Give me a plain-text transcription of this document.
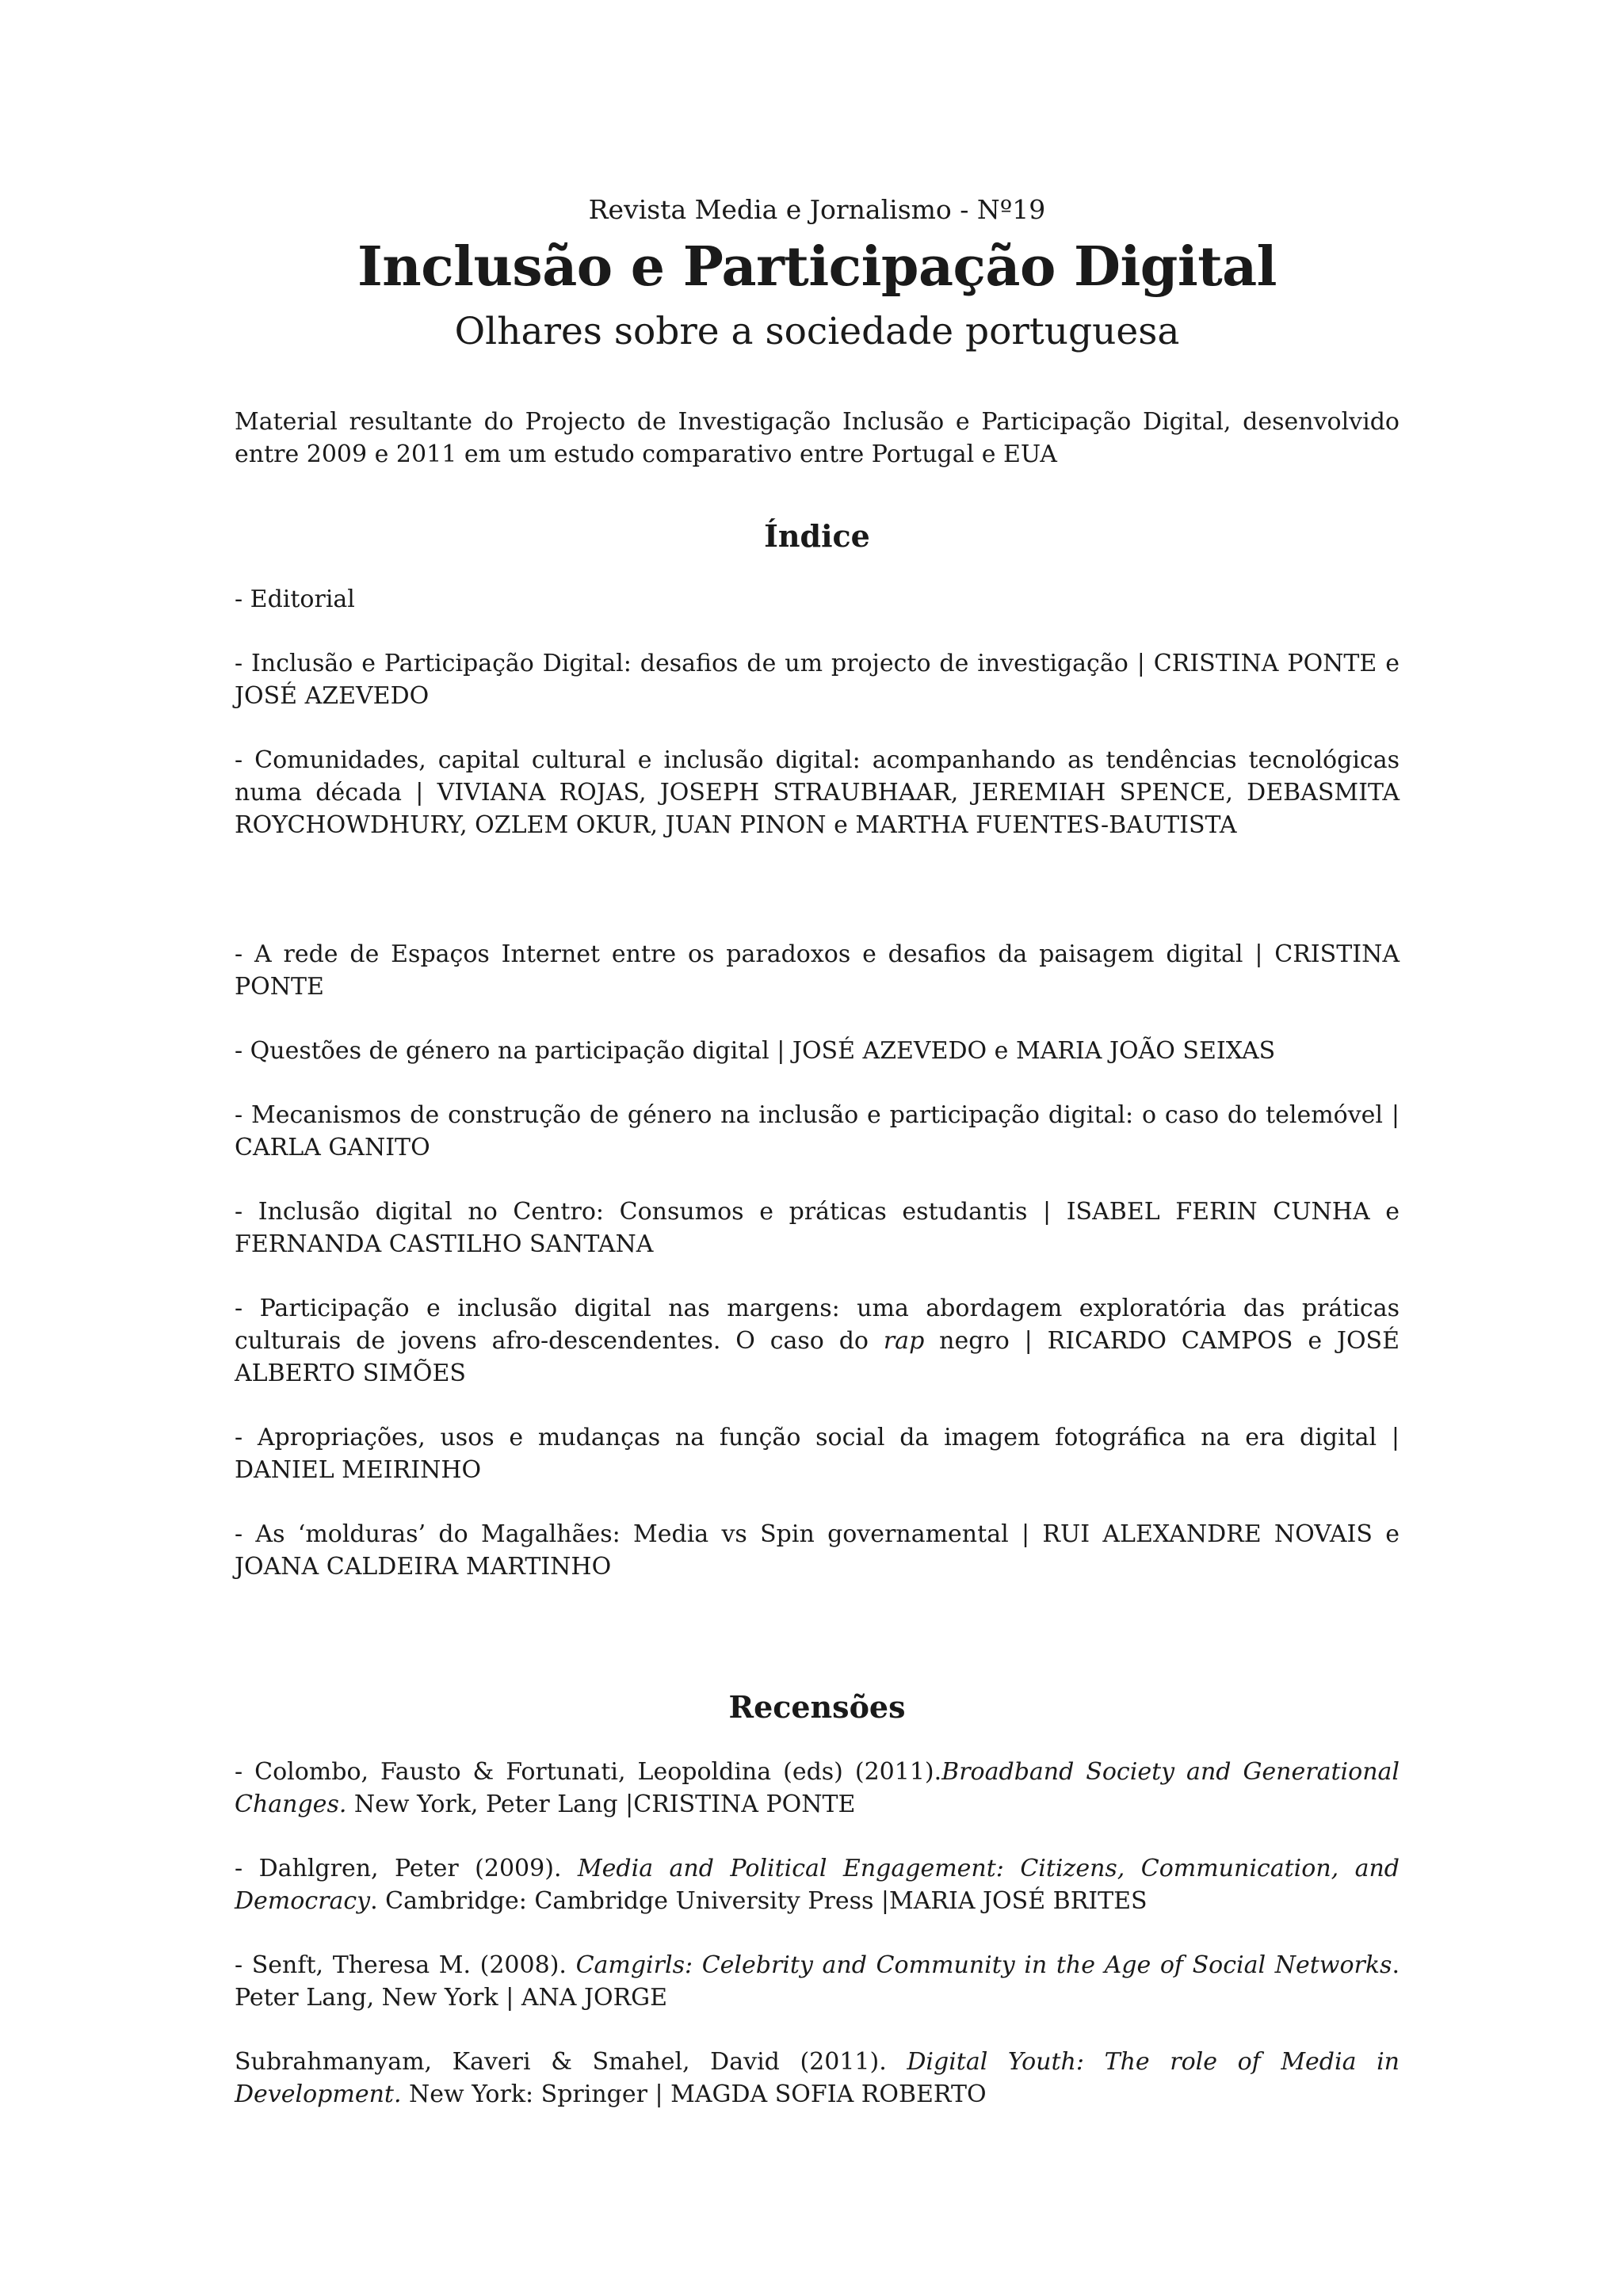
Revista Media e Jornalismo - Nº19

Inclusão e Participação Digital

Olhares sobre a sociedade portuguesa

Material resultante do Projecto de Investigação Inclusão e Participação Digital, desenvolvido entre 2009 e 2011 em um estudo comparativo entre Portugal e EUA

Índice

- Editorial

- Inclusão e Participação Digital: desafios de um projecto de investigação | CRISTINA PONTE e JOSÉ AZEVEDO

- Comunidades, capital cultural e inclusão digital: acompanhando as tendências tecnológicas numa década | VIVIANA ROJAS, JOSEPH STRAUBHAAR, JEREMIAH SPENCE, DEBASMITA ROYCHOWDHURY, OZLEM OKUR, JUAN PINON e MARTHA FUENTES-BAUTISTA

- A rede de Espaços Internet entre os paradoxos e desafios da paisagem digital | CRISTINA PONTE

- Questões de género na participação digital | JOSÉ AZEVEDO e MARIA JOÃO SEIXAS

- Mecanismos de construção de género na inclusão e participação digital: o caso do telemóvel | CARLA GANITO

- Inclusão digital no Centro: Consumos e práticas estudantis | ISABEL FERIN CUNHA e FERNANDA CASTILHO SANTANA

- Participação e inclusão digital nas margens: uma abordagem exploratória das práticas culturais de jovens afro-descendentes. O caso do rap negro | RICARDO CAMPOS e JOSÉ ALBERTO SIMÕES

- Apropriações, usos e mudanças na função social da imagem fotográfica na era digital | DANIEL MEIRINHO

- As ‘molduras’ do Magalhães: Media vs Spin governamental | RUI ALEXANDRE NOVAIS e JOANA CALDEIRA MARTINHO

Recensões

- Colombo, Fausto & Fortunati, Leopoldina (eds) (2011).Broadband Society and Generational Changes. New York, Peter Lang |CRISTINA PONTE

- Dahlgren, Peter (2009). Media and Political Engagement: Citizens, Communication, and Democracy. Cambridge: Cambridge University Press |MARIA JOSÉ BRITES

- Senft, Theresa M. (2008). Camgirls: Celebrity and Community in the Age of Social Networks. Peter Lang, New York | ANA JORGE

Subrahmanyam, Kaveri & Smahel, David (2011). Digital Youth: The role of Media in Development. New York: Springer | MAGDA SOFIA ROBERTO
